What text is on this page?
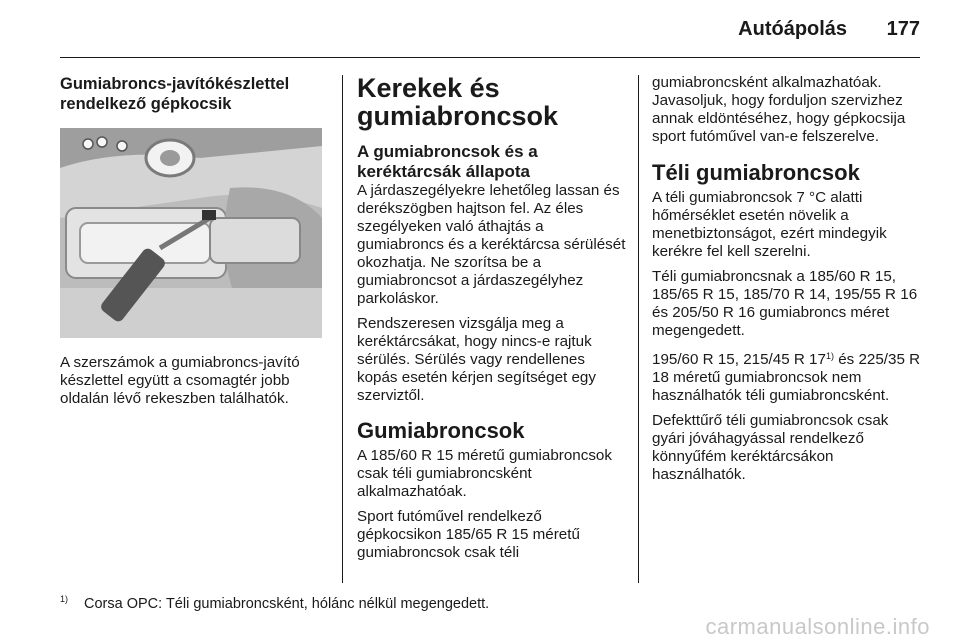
Autóápolás 177
Gumiabroncs-javítókészlettel rendelkező gépkocsik

A szerszámok a gumiabroncs-javító készlettel együtt a csomagtér jobb oldalán lévő rekeszben találhatók.

Kerekek és gumiabroncsok
A gumiabroncsok és a keréktárcsák állapota

A járdaszegélyekre lehetőleg lassan és derékszögben hajtson fel. Az éles szegélyeken való áthajtás a gumiabroncs és a keréktárcsa sérülését okozhatja. Ne szorítsa be a gumiabroncsot a járdaszegélyhez parkoláskor.

Rendszeresen vizsgálja meg a keréktárcsákat, hogy nincs-e rajtuk sérülés. Sérülés vagy rendellenes kopás esetén kérjen segítséget egy szerviztől.

Gumiabroncsok

A 185/60 R 15 méretű gumiabroncsok csak téli gumiabroncsként alkalmazhatóak.

Sport futóművel rendelkező gépkocsikon 185/65 R 15 méretű gumiabroncsok csak téli

gumiabroncsként alkalmazhatóak. Javasoljuk, hogy forduljon szervizhez annak eldöntéséhez, hogy gépkocsija sport futóművel van-e felszerelve.

Téli gumiabroncsok

A téli gumiabroncsok 7 °C alatti hőmérséklet esetén növelik a menetbiztonságot, ezért mindegyik kerékre fel kell szerelni.

Téli gumiabroncsnak a 185/60 R 15, 185/65 R 15, 185/70 R 14, 195/55 R 16 és 205/50 R 16 gumiabroncs méret megengedett.

195/60 R 15, 215/45 R 17$^{1)}$ és 225/35 R 18 méretű gumiabroncsok nem használhatók téli gumiabroncsként.

Defekttűrő téli gumiabroncsok csak gyári jóváhagyással rendelkező könnyűfém keréktárcsákon használhatók.

$^{1)}$ Corsa OPC: Téli gumiabroncsként, hólánc nélkül megengedett.
carmanualsonline.info
